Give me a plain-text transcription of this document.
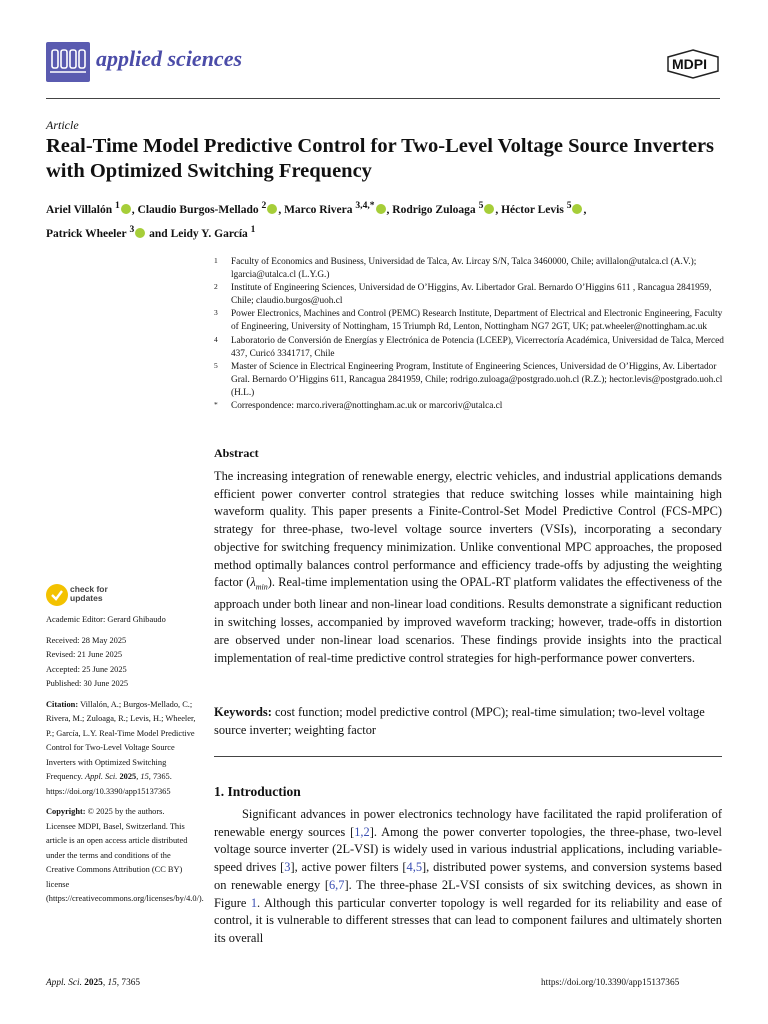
applied sciences	MDPI
Article
Real-Time Model Predictive Control for Two-Level Voltage Source Inverters with Optimized Switching Frequency
Ariel Villalón $^1$ , Claudio Burgos-Mellado $^2$ , Marco Rivera $^{3,4,*}$ , Rodrigo Zuloaga $^5$ , Héctor Levis $^5$ ,
Patrick Wheeler $^3$ and Leidy Y. García $^1$
1	Faculty of Economics and Business, Universidad de Talca, Av. Lircay S/N, Talca 3460000, Chile; avillalon@utalca.cl (A.V.); lgarcia@utalca.cl (L.Y.G.)
2	Institute of Engineering Sciences, Universidad de O’Higgins, Av. Libertador Gral. Bernardo O’Higgins 611 , Rancagua 2841959, Chile; claudio.burgos@uoh.cl
3	Power Electronics, Machines and Control (PEMC) Research Institute, Department of Electrical and Electronic Engineering, Faculty of Engineering, University of Nottingham, 15 Triumph Rd, Lenton, Nottingham NG7 2GT, UK; pat.wheeler@nottingham.ac.uk
4	Laboratorio de Conversión de Energías y Electrónica de Potencia (LCEEP), Vicerrectoría Académica, Universidad de Talca, Merced 437, Curicó 3341717, Chile
5	Master of Science in Electrical Engineering Program, Institute of Engineering Sciences, Universidad de O’Higgins, Av. Libertador Gral. Bernardo O’Higgins 611, Rancagua 2841959, Chile; rodrigo.zuloaga@postgrado.uoh.cl (R.Z.); hector.levis@postgrado.uoh.cl (H.L.)
*	Correspondence: marco.rivera@nottingham.ac.uk or marcoriv@utalca.cl
Abstract
The increasing integration of renewable energy, electric vehicles, and industrial applications demands efficient power converter control strategies that reduce switching losses while maintaining high waveform quality. This paper presents a Finite-Control-Set Model Predictive Control (FCS-MPC) strategy for three-phase, two-level voltage source inverters (VSIs), incorporating a secondary objective for switching frequency minimization. Unlike conventional MPC approaches, the proposed method optimally balances control performance and efficiency trade-offs by adjusting the weighting factor $(\lambda_{min})$. Real-time implementation using the OPAL-RT platform validates the effectiveness of the approach under both linear and non-linear load conditions. Results demonstrate a significant reduction in switching losses, accompanied by improved waveform tracking; however, trade-offs in distortion are observed under non-linear load scenarios. These findings provide insights into the practical implementation of real-time predictive control strategies for high-performance power converters.
Keywords: cost function; model predictive control (MPC); real-time simulation; two-level voltage source inverter; weighting factor
1. Introduction
Significant advances in power electronics technology have facilitated the rapid proliferation of renewable energy sources [1,2]. Among the power converter topologies, the three-phase, two-level voltage source inverter (2L-VSI) is widely used in various industrial applications, including variable-speed drives [3], active power filters [4,5], distributed power systems, and conversion systems based on renewable energy [6,7]. The three-phase 2L-VSI consists of six switching devices, as shown in Figure 1. Although this particular converter topology is well regarded for its reliability and ease of control, it is vulnerable to different stresses that can lead to component failures and ultimately shorten its overall
check for
updates
Academic Editor: Gerard Ghibaudo
Received: 28 May 2025
Revised: 21 June 2025
Accepted: 25 June 2025
Published: 30 June 2025
Citation: Villalón, A.; Burgos-Mellado, C.; Rivera, M.; Zuloaga, R.; Levis, H.; Wheeler, P.; García, L.Y. Real-Time Model Predictive Control for Two-Level Voltage Source Inverters with Optimized Switching Frequency. Appl. Sci. 2025, 15, 7365. https://doi.org/10.3390/app15137365
Copyright: © 2025 by the authors. Licensee MDPI, Basel, Switzerland. This article is an open access article distributed under the terms and conditions of the Creative Commons Attribution (CC BY) license (https://creativecommons.org/licenses/by/4.0/).
Appl. Sci. 2025, 15, 7365	https://doi.org/10.3390/app15137365
